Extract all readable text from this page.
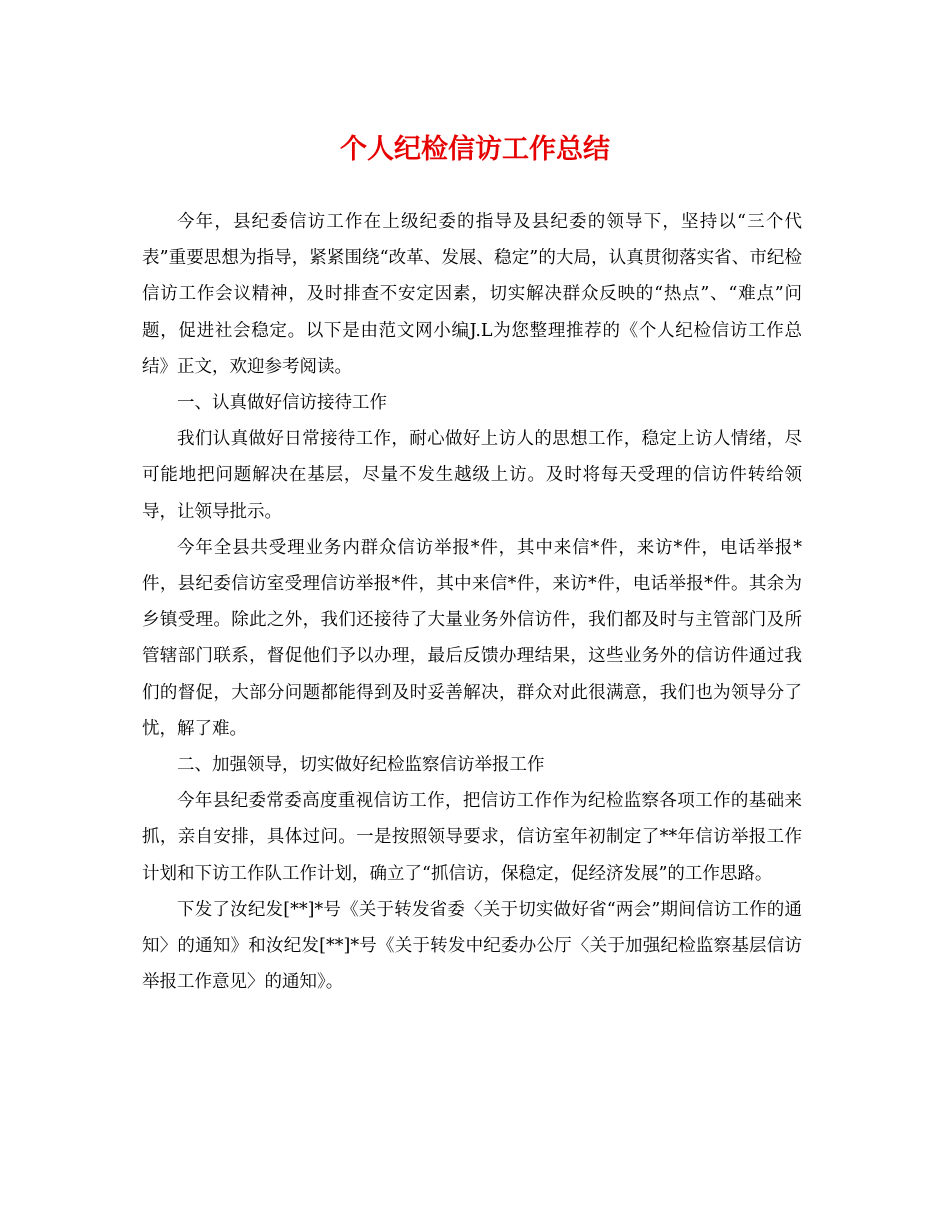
个人纪检信访工作总结

今年，县纪委信访工作在上级纪委的指导及县纪委的领导下，坚持以“三个代表”重要思想为指导，紧紧围绕“改革、发展、稳定”的大局，认真贯彻落实省、市纪检信访工作会议精神，及时排查不安定因素，切实解决群众反映的“热点”、“难点”问题，促进社会稳定。以下是由范文网小编J.L为您整理推荐的《个人纪检信访工作总结》正文，欢迎参考阅读。

一、认真做好信访接待工作

我们认真做好日常接待工作，耐心做好上访人的思想工作，稳定上访人情绪，尽可能地把问题解决在基层，尽量不发生越级上访。及时将每天受理的信访件转给领导，让领导批示。

今年全县共受理业务内群众信访举报*件，其中来信*件，来访*件，电话举报*件，县纪委信访室受理信访举报*件，其中来信*件，来访*件，电话举报*件。其余为乡镇受理。除此之外，我们还接待了大量业务外信访件，我们都及时与主管部门及所管辖部门联系，督促他们予以办理，最后反馈办理结果，这些业务外的信访件通过我们的督促，大部分问题都能得到及时妥善解决，群众对此很满意，我们也为领导分了忧，解了难。

二、加强领导，切实做好纪检监察信访举报工作

今年县纪委常委高度重视信访工作，把信访工作作为纪检监察各项工作的基础来抓，亲自安排，具体过问。一是按照领导要求，信访室年初制定了**年信访举报工作计划和下访工作队工作计划，确立了“抓信访，保稳定，促经济发展”的工作思路。

下发了汝纪发[**]*号《关于转发省委〈关于切实做好省“两会”期间信访工作的通知〉的通知》和汝纪发[**]*号《关于转发中纪委办公厅〈关于加强纪检监察基层信访举报工作意见〉的通知》。
